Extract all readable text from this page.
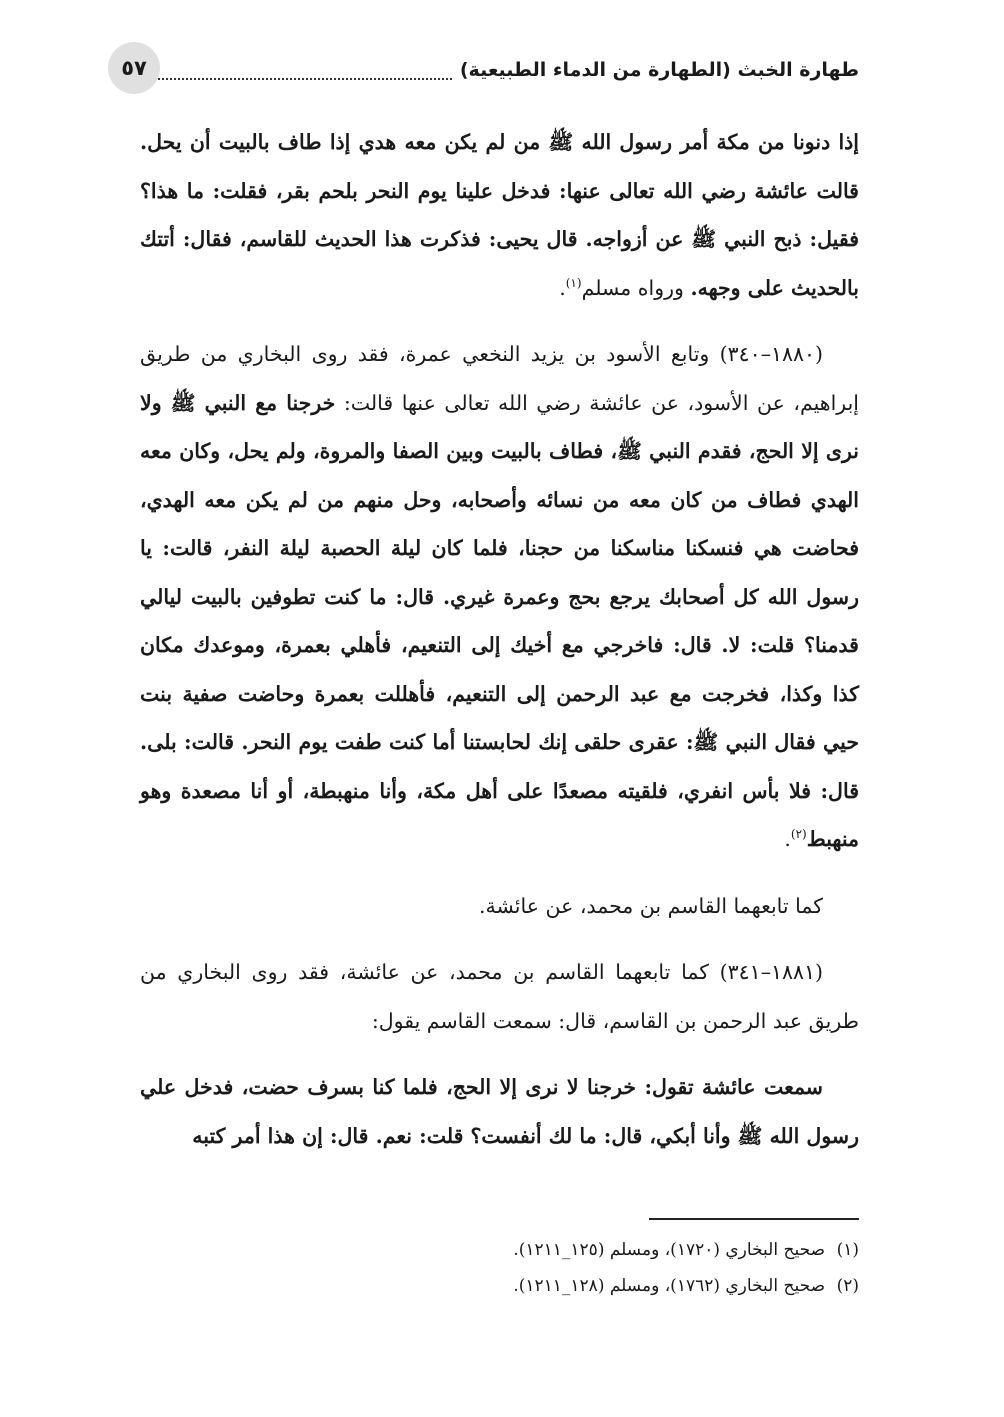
طهارة الخبث (الطهارة من الدماء الطبيعية)
٥٧

إذا دنونا من مكة أمر رسول الله ﷺ من لم يكن معه هدي إذا طاف بالبيت أن يحل. قالت عائشة رضي الله تعالى عنها: فدخل علينا يوم النحر بلحم بقر، فقلت: ما هذا؟ فقيل: ذبح النبي ﷺ عن أزواجه. قال يحيى: فذكرت هذا الحديث للقاسم، فقال: أتتك بالحديث على وجهه. ورواه مسلم$^{(١)}$.

(١٨٨٠–٣٤٠) وتابع الأسود بن يزيد النخعي عمرة، فقد روى البخاري من طريق إبراهيم، عن الأسود، عن عائشة رضي الله تعالى عنها قالت: خرجنا مع النبي ﷺ ولا نرى إلا الحج، فقدم النبي ﷺ، فطاف بالبيت وبين الصفا والمروة، ولم يحل، وكان معه الهدي فطاف من كان معه من نسائه وأصحابه، وحل منهم من لم يكن معه الهدي، فحاضت هي فنسكنا مناسكنا من حجنا، فلما كان ليلة الحصبة ليلة النفر، قالت: يا رسول الله كل أصحابك يرجع بحج وعمرة غيري. قال: ما كنت تطوفين بالبيت ليالي قدمنا؟ قلت: لا. قال: فاخرجي مع أخيك إلى التنعيم، فأهلي بعمرة، وموعدك مكان كذا وكذا، فخرجت مع عبد الرحمن إلى التنعيم، فأهللت بعمرة وحاضت صفية بنت حيي فقال النبي ﷺ: عقرى حلقى إنك لحابستنا أما كنت طفت يوم النحر. قالت: بلى. قال: فلا بأس انفري، فلقيته مصعدًا على أهل مكة، وأنا منهبطة، أو أنا مصعدة وهو منهبط$^{(٢)}$.

كما تابعهما القاسم بن محمد، عن عائشة.

(١٨٨١–٣٤١) كما تابعهما القاسم بن محمد، عن عائشة، فقد روى البخاري من طريق عبد الرحمن بن القاسم، قال: سمعت القاسم يقول:

سمعت عائشة تقول: خرجنا لا نرى إلا الحج، فلما كنا بسرف حضت، فدخل علي رسول الله ﷺ وأنا أبكي، قال: ما لك أنفست؟ قلت: نعم. قال: إن هذا أمر كتبه

(١)صحيح البخاري (١٧٢٠)، ومسلم (١٢٥_١٢١١).

(٢)صحيح البخاري (١٧٦٢)، ومسلم (١٢٨_١٢١١).
